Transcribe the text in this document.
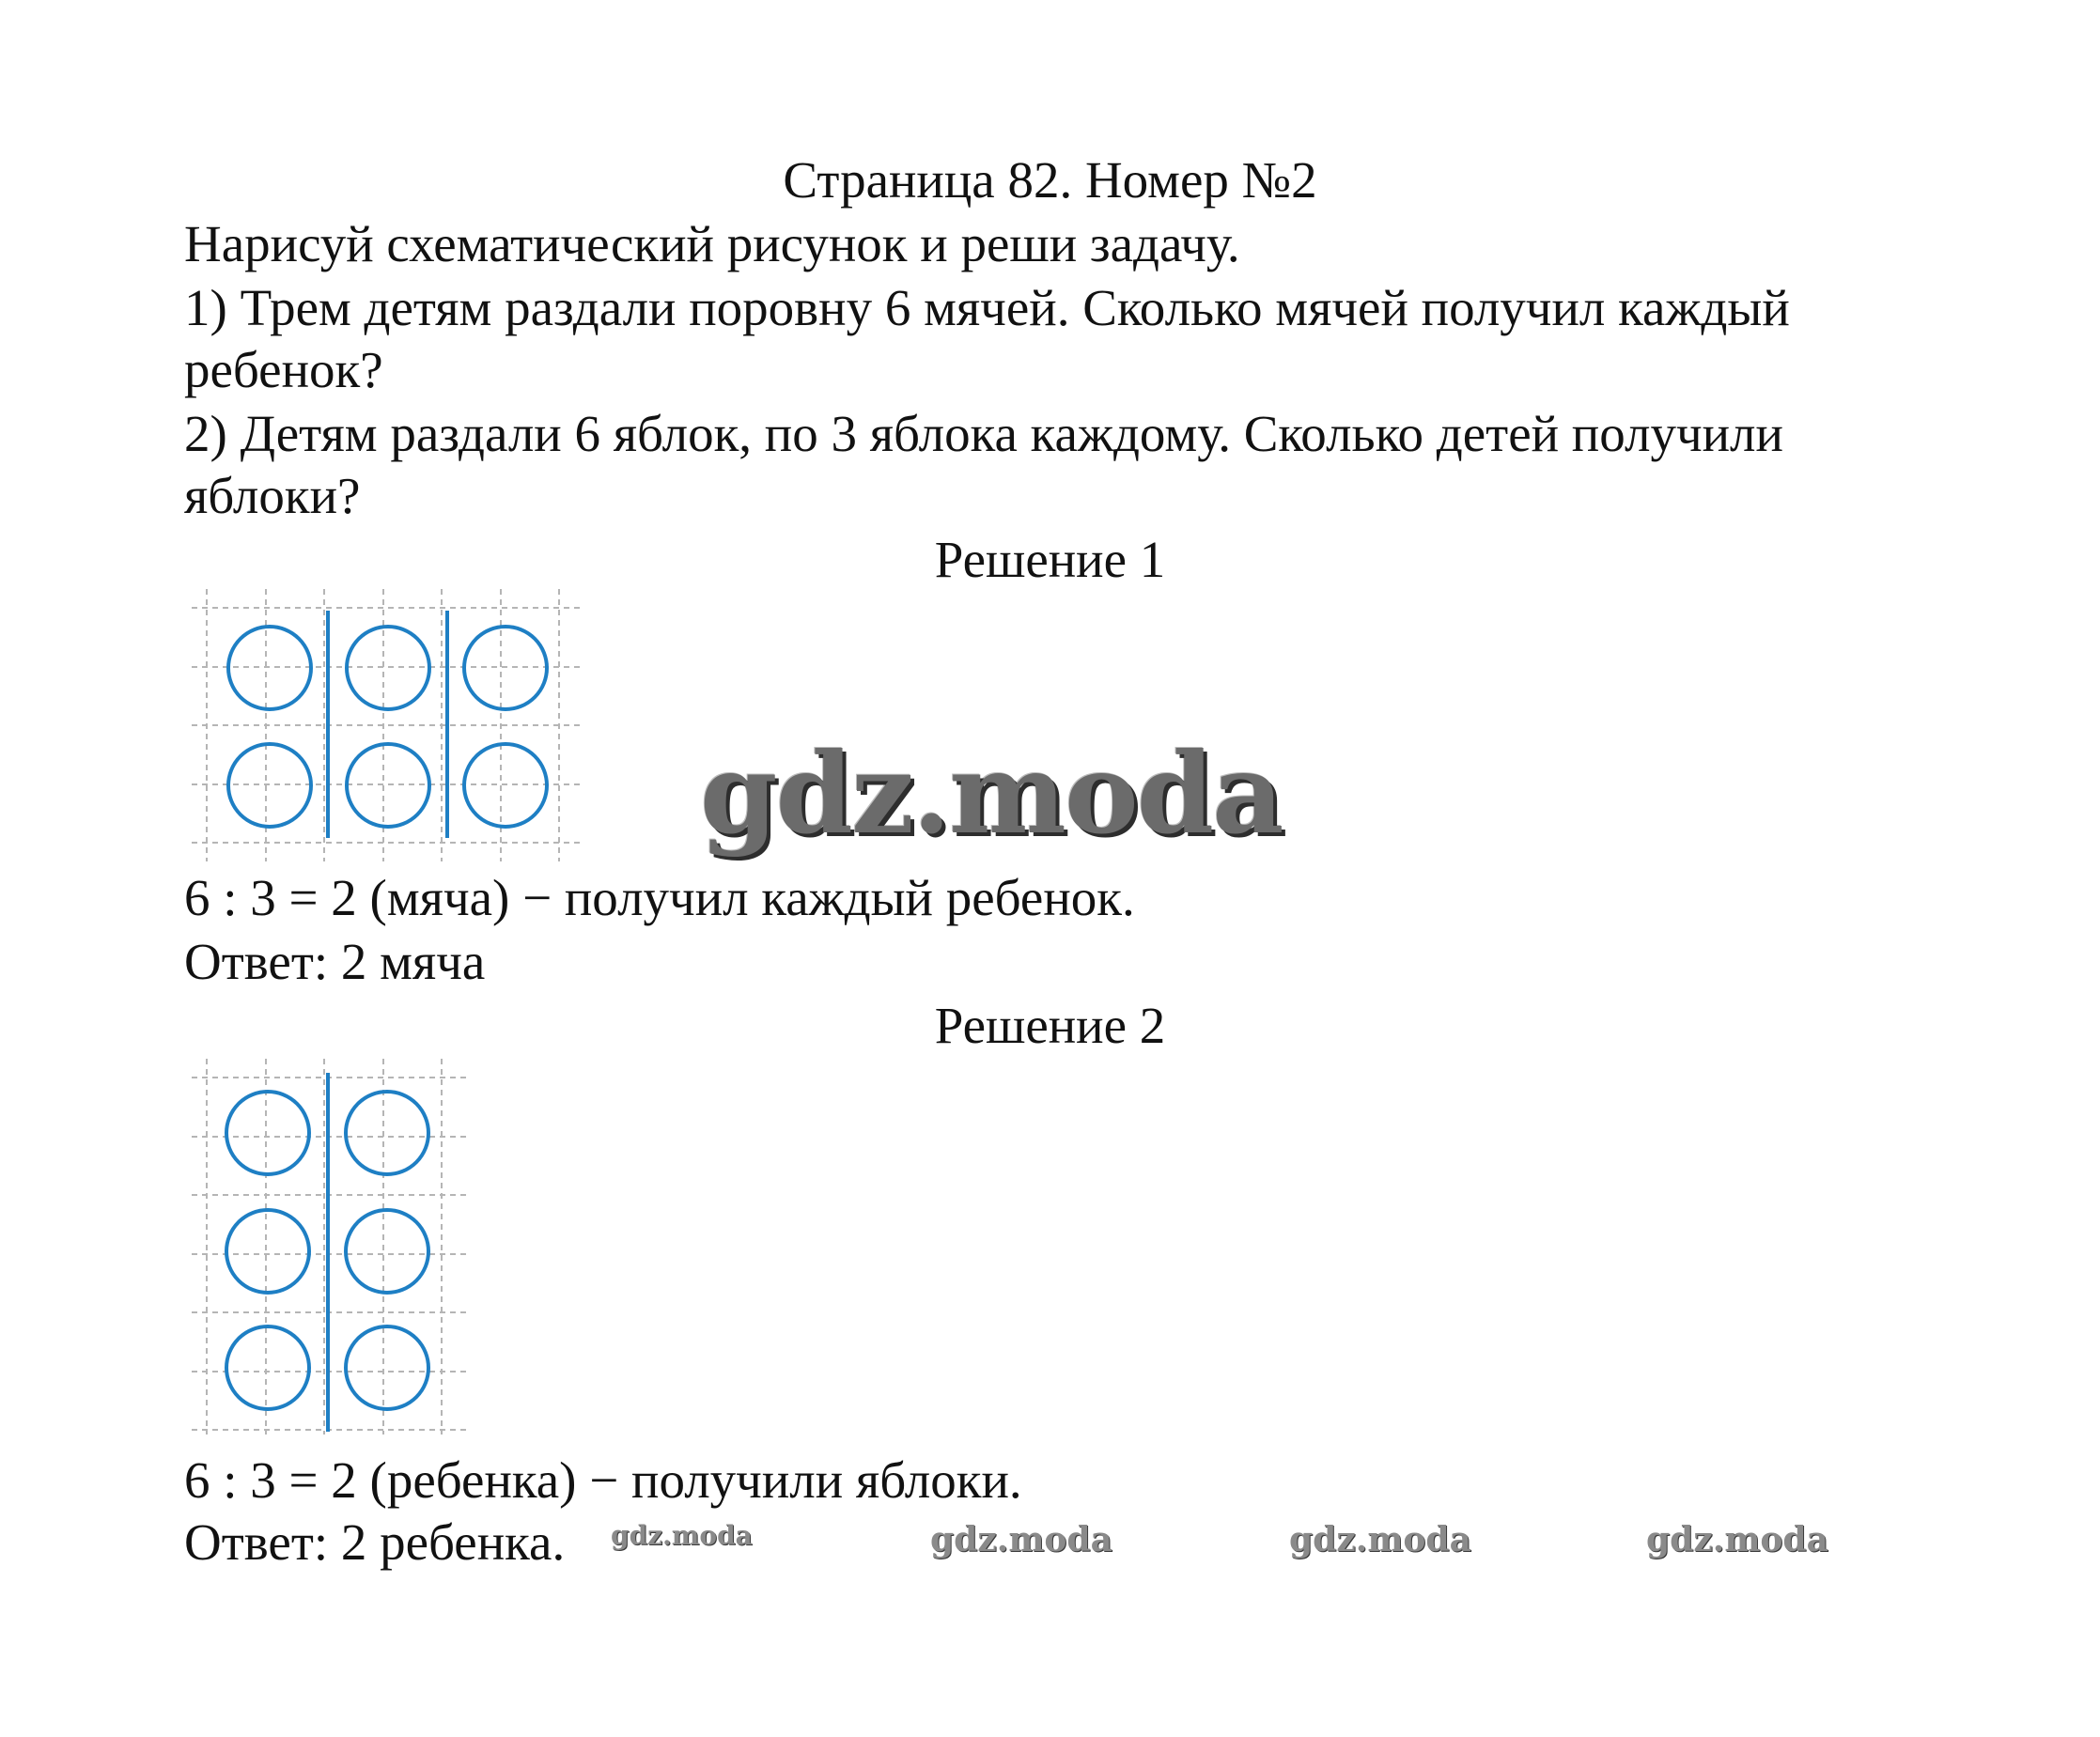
Страница 82. Номер №2
Нарисуй схематический рисунок и реши задачу.
1) Трем детям раздали поровну 6 мячей. Сколько мячей получил каждый
ребенок?
2) Детям раздали 6 яблок, по 3 яблока каждому. Сколько детей получили
яблоки?
Решение 1
gdz.moda
6 : 3 = 2 (мяча) − получил каждый ребенок.
Ответ: 2 мяча
Решение 2
6 : 3 = 2 (ребенка) − получили яблоки.
Ответ: 2 ребенка. gdz.moda	gdz.moda	gdz.moda	gdz.moda
